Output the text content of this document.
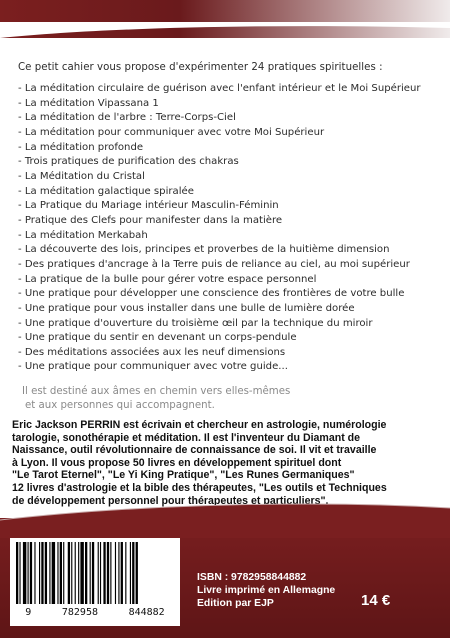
Ce petit cahier vous propose d'expérimenter 24 pratiques spirituelles :
- La méditation circulaire de guérison avec l'enfant intérieur et le Moi Supérieur
- La méditation Vipassana 1
- La méditation de l'arbre : Terre-Corps-Ciel
- La méditation pour communiquer avec votre Moi Supérieur
- La méditation profonde
- Trois pratiques de purification des chakras
- La Méditation du Cristal
- La méditation galactique spiralée
- La Pratique du Mariage intérieur Masculin-Féminin
- Pratique des Clefs pour manifester dans la matière
- La méditation Merkabah
- La découverte des lois, principes et proverbes de la huitième dimension
- Des pratiques d'ancrage à la Terre puis de reliance au ciel, au moi supérieur
- La pratique de la bulle pour gérer votre espace personnel
- Une pratique pour développer une conscience des frontières de votre bulle
- Une pratique pour vous installer dans une bulle de lumière dorée
- Une pratique d'ouverture du troisième œil par la technique du miroir
- Une pratique du sentir en devenant un corps-pendule
- Des méditations associées aux les neuf dimensions
- Une pratique pour communiquer avec votre guide...
Il est destiné aux âmes en chemin vers elles-mêmes
et aux personnes qui accompagnent.
Eric Jackson PERRIN est écrivain et chercheur en astrologie, numérologie
tarologie, sonothérapie et méditation. Il est l'inventeur du Diamant de
Naissance, outil révolutionnaire de connaissance de soi. Il vit et travaille
à Lyon. Il vous propose 50 livres en développement spirituel dont
"Le Tarot Eternel", "Le Yi King Pratique", "Les Runes Germaniques"
12 livres d'astrologie et la bible des thérapeutes, "Les outils et Techniques
de développement personnel pour thérapeutes et particuliers".
9	782958	844882
ISBN : 9782958844882
Livre imprimé en Allemagne
Edition par EJP	14 €
